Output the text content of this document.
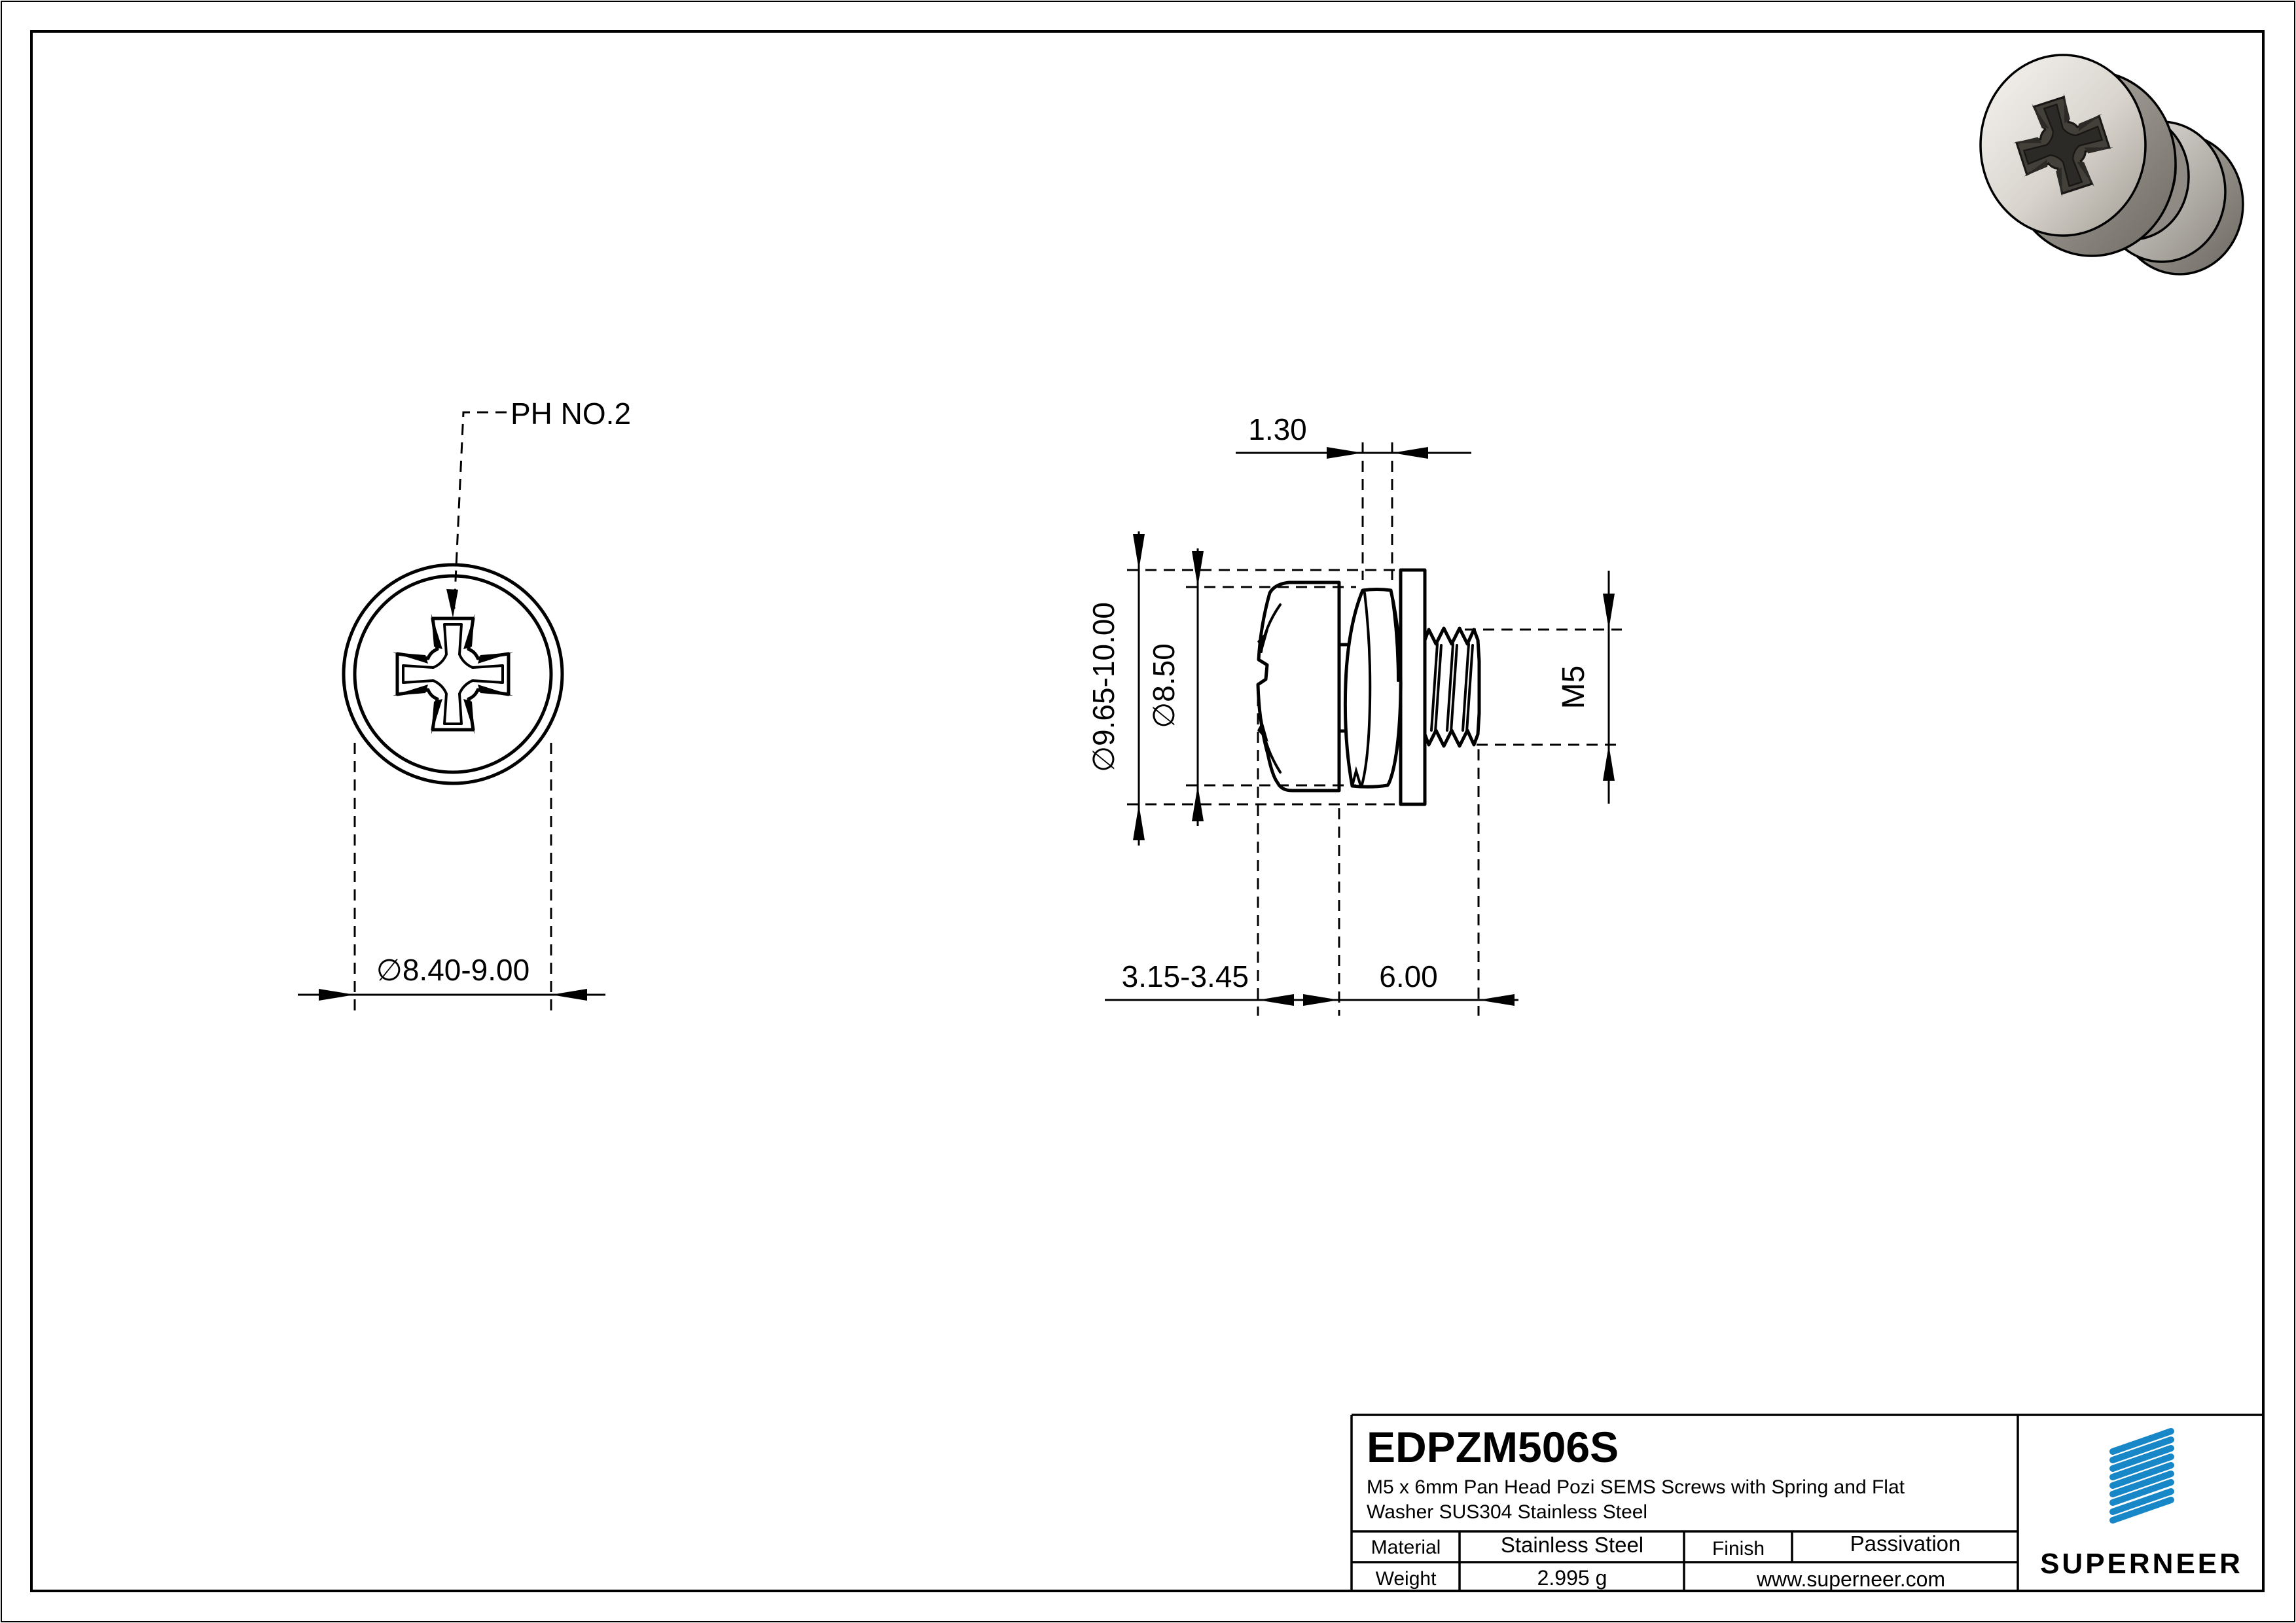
PH NO.2
∅8.40-9.00
1.30
∅9.65-10.00 ∅8.50	M5
3.15-3.45	6.00
EDPZM506S
M5 x 6mm Pan Head Pozi SEMS Screws with Spring and Flat
Washer SUS304 Stainless Steel
Material	Stainless Steel	Finish	Passivation
Weight	2.995 g	www.superneer.com	SUPERNEER
